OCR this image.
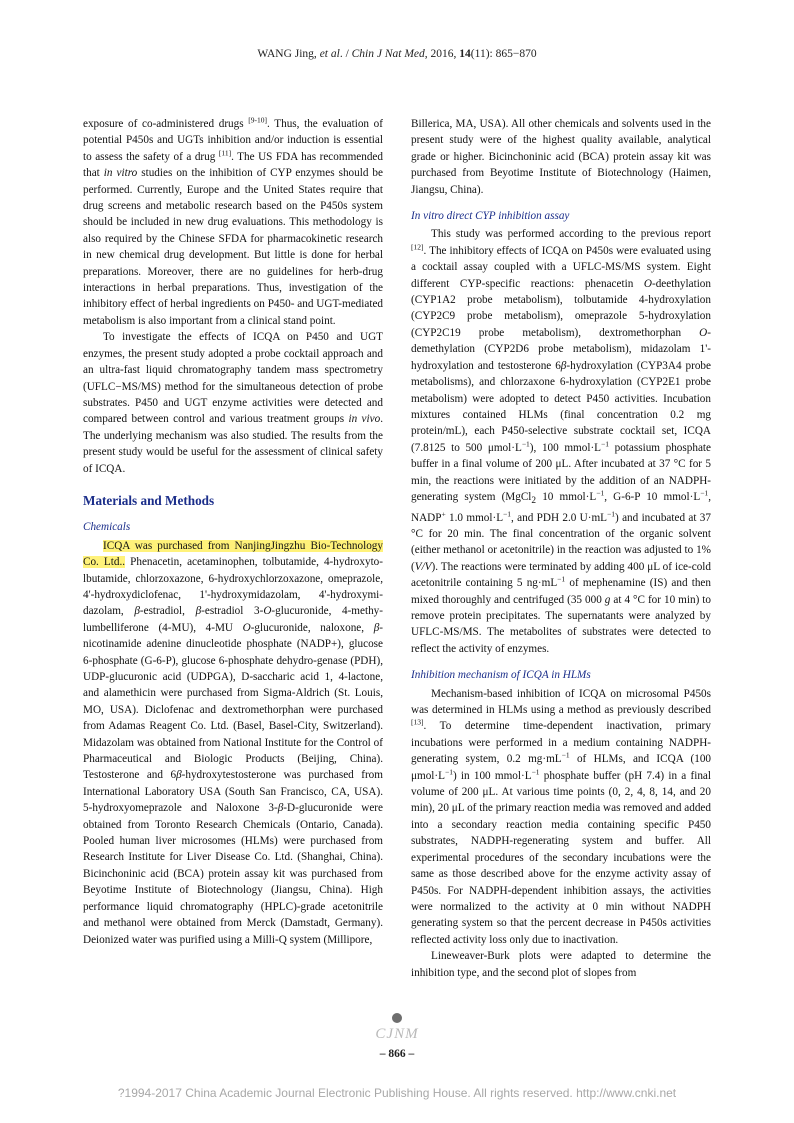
WANG Jing, et al. / Chin J Nat Med, 2016, 14(11): 865−870

exposure of co-administered drugs [9-10]. Thus, the evaluation of potential P450s and UGTs inhibition and/or induction is essential to assess the safety of a drug [11]. The US FDA has recommended that in vitro studies on the inhibition of CYP enzymes should be performed. Currently, Europe and the United States require that drug screens and metabolic research based on the P450s system should be included in new drug evaluations. This methodology is also required by the Chinese SFDA for pharmacokinetic research in new chemical drug development. But little is done for herbal preparations. Moreover, there are no guidelines for herb-drug interactions in herbal preparations. Thus, investigation of the inhibitory effect of herbal ingredients on P450- and UGT-mediated metabolism is also important from a clinical stand point.

To investigate the effects of ICQA on P450 and UGT enzymes, the present study adopted a probe cocktail approach and an ultra-fast liquid chromatography tandem mass spectrometry (UFLC−MS/MS) method for the simultaneous detection of probe substrates. P450 and UGT enzyme activities were detected and compared between control and various treatment groups in vivo. The underlying mechanism was also studied. The results from the present study would be useful for the assessment of clinical safety of ICQA.

Materials and Methods

Chemicals

ICQA was purchased from NanjingJingzhu Bio-Technology Co. Ltd.. Phenacetin, acetaminophen, tolbutamide, 4-hydroxyto-lbutamide, chlorzoxazone, 6-hydroxychlorzoxazone, omeprazole, 4'-hydroxydiclofenac, 1'-hydroxymidazolam, 4'-hydroxymi-dazolam, β-estradiol, β-estradiol 3-O-glucuronide, 4-methy-lumbelliferone (4-MU), 4-MU O-glucuronide, naloxone, β-nicotinamide adenine dinucleotide phosphate (NADP+), glucose 6-phosphate (G-6-P), glucose 6-phosphate dehydro-genase (PDH), UDP-glucuronic acid (UDPGA), D-saccharic acid 1, 4-lactone, and alamethicin were purchased from Sigma-Aldrich (St. Louis, MO, USA). Diclofenac and dextromethorphan were purchased from Adamas Reagent Co. Ltd. (Basel, Basel-City, Switzerland). Midazolam was obtained from National Institute for the Control of Pharmaceutical and Biologic Products (Beijing, China). Testosterone and 6β-hydroxytestosterone was purchased from International Laboratory USA (South San Francisco, CA, USA). 5-hydroxyomeprazole and Naloxone 3-β-D-glucuronide were obtained from Toronto Research Chemicals (Ontario, Canada). Pooled human liver microsomes (HLMs) were purchased from Research Institute for Liver Disease Co. Ltd. (Shanghai, China). Bicinchoninic acid (BCA) protein assay kit was purchased from Beyotime Institute of Biotechnology (Jiangsu, China). High performance liquid chromatography (HPLC)-grade acetonitrile and methanol were obtained from Merck (Damstadt, Germany). Deionized water was purified using a Milli-Q system (Millipore,

Billerica, MA, USA). All other chemicals and solvents used in the present study were of the highest quality available, analytical grade or higher. Bicinchoninic acid (BCA) protein assay kit was purchased from Beyotime Institute of Biotechnology (Haimen, Jiangsu, China).

In vitro direct CYP inhibition assay

This study was performed according to the previous report [12]. The inhibitory effects of ICQA on P450s were evaluated using a cocktail assay coupled with a UFLC-MS/MS system. Eight different CYP-specific reactions: phenacetin O-deethylation (CYP1A2 probe metabolism), tolbutamide 4-hydroxylation (CYP2C9 probe metabolism), omeprazole 5-hydroxylation (CYP2C19 probe metabolism), dextromethorphan O-demethylation (CYP2D6 probe metabolism), midazolam 1'-hydroxylation and testosterone 6β-hydroxylation (CYP3A4 probe metabolisms), and chlorzaxone 6-hydroxylation (CYP2E1 probe metabolism) were adopted to detect P450 activities. Incubation mixtures contained HLMs (final concentration 0.2 mg protein/mL), each P450-selective substrate cocktail set, ICQA (7.8125 to 500 $\mu mol\cdot L^{-1}$), 100 $mmol\cdot L^{-1}$ potassium phosphate buffer in a final volume of 200 μL. After incubated at 37 °C for 5 min, the reactions were initiated by the addition of an NADPH-generating system (MgCl$_2$ 10 $mmol\cdot L^{-1}$, G-6-P 10 $mmol\cdot L^{-1}$, NADP+ 1.0 $mmol\cdot L^{-1}$, and PDH 2.0 $U\cdot mL^{-1}$) and incubated at 37 °C for 20 min. The final concentration of the organic solvent (either methanol or acetonitrile) in the reaction was adjusted to 1% (V/V). The reactions were terminated by adding 400 μL of ice-cold acetonitrile containing 5 $ng\cdot mL^{-1}$ of mephenamine (IS) and then mixed thoroughly and centrifuged (35 000 g at 4 °C for 10 min) to remove protein precipitates. The supernatants were analyzed by UFLC-MS/MS. The metabolites of substrates were detected to reflect the activity of enzymes.

Inhibition mechanism of ICQA in HLMs

Mechanism-based inhibition of ICQA on microsomal P450s was determined in HLMs using a method as previously described [13]. To determine time-dependent inactivation, primary incubations were performed in a medium containing NADPH-generating system, 0.2 $mg\cdot mL^{-1}$ of HLMs, and ICQA (100 $\mu mol\cdot L^{-1}$) in 100 $mmol\cdot L^{-1}$ phosphate buffer (pH 7.4) in a final volume of 200 μL. At various time points (0, 2, 4, 8, 14, and 20 min), 20 μL of the primary reaction media was removed and added into a secondary reaction media containing specific P450 substrates, NADPH-regenerating system and buffer. All experimental procedures of the secondary incubations were the same as those described above for the enzyme activity assay of P450s. For NADPH-dependent inhibition assays, the activities were normalized to the activity at 0 min without NADPH generating system so that the percent decrease in P450s activities reflected activity loss only due to inactivation.

Lineweaver-Burk plots were adapted to determine the inhibition type, and the second plot of slopes from

CJNM
– 866 –
?1994-2017 China Academic Journal Electronic Publishing House. All rights reserved. http://www.cnki.net
